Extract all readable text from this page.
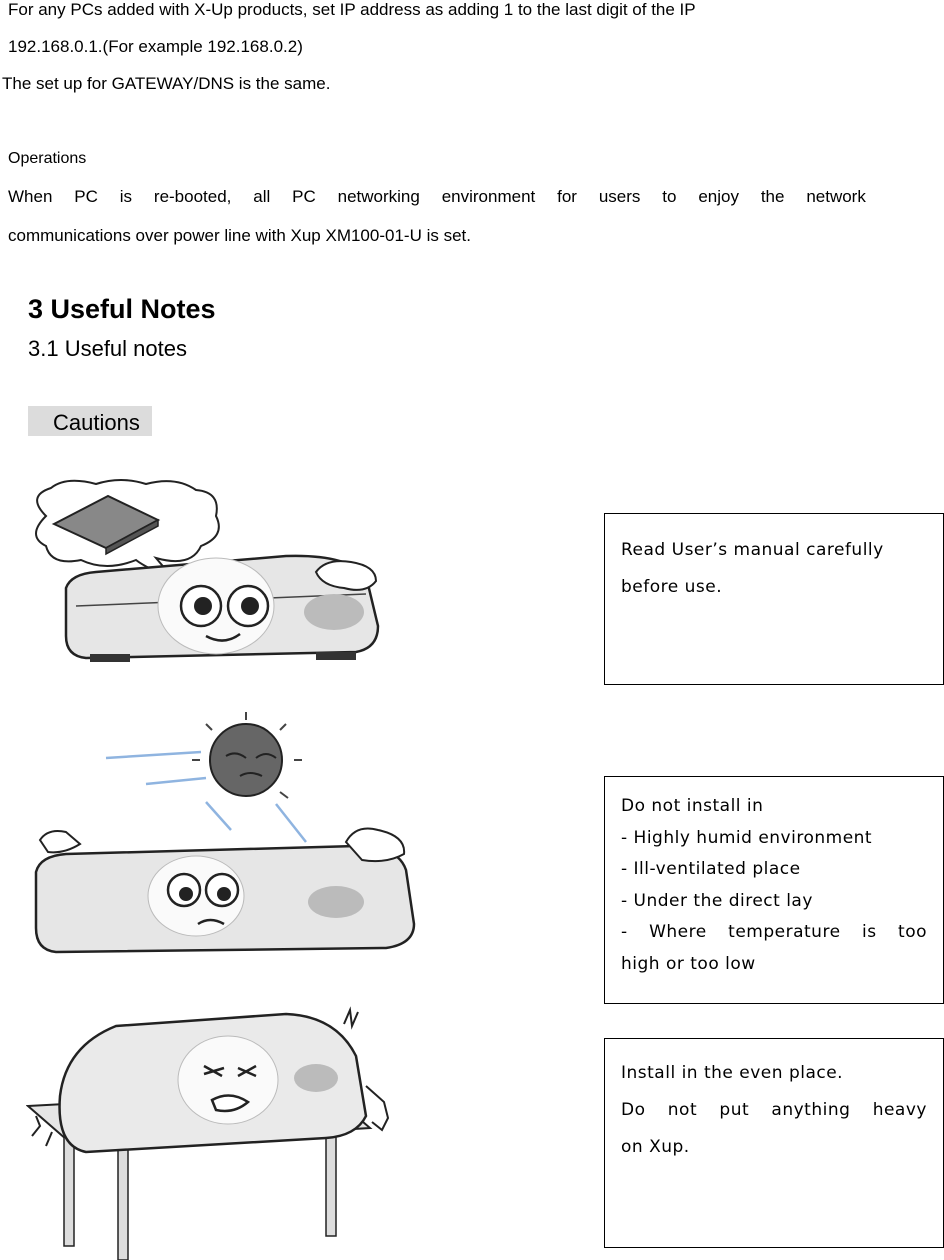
For any PCs added with X-Up products, set IP address as adding 1 to the last digit of the IP
192.168.0.1.(For example 192.168.0.2)
The set up for GATEWAY/DNS is the same.
Operations
When PC is re-booted, all PC networking environment for users to enjoy the network
communications over power line with Xup XM100-01-U is set.
3 Useful Notes
3.1 Useful notes
Cautions
Read User’s manual carefully
before use.
Do not install in
- Highly humid environment
- Ill-ventilated place
- Under the direct lay
- Where temperature is too
high or too low
Install in the even place.
Do not put anything heavy
on Xup.
